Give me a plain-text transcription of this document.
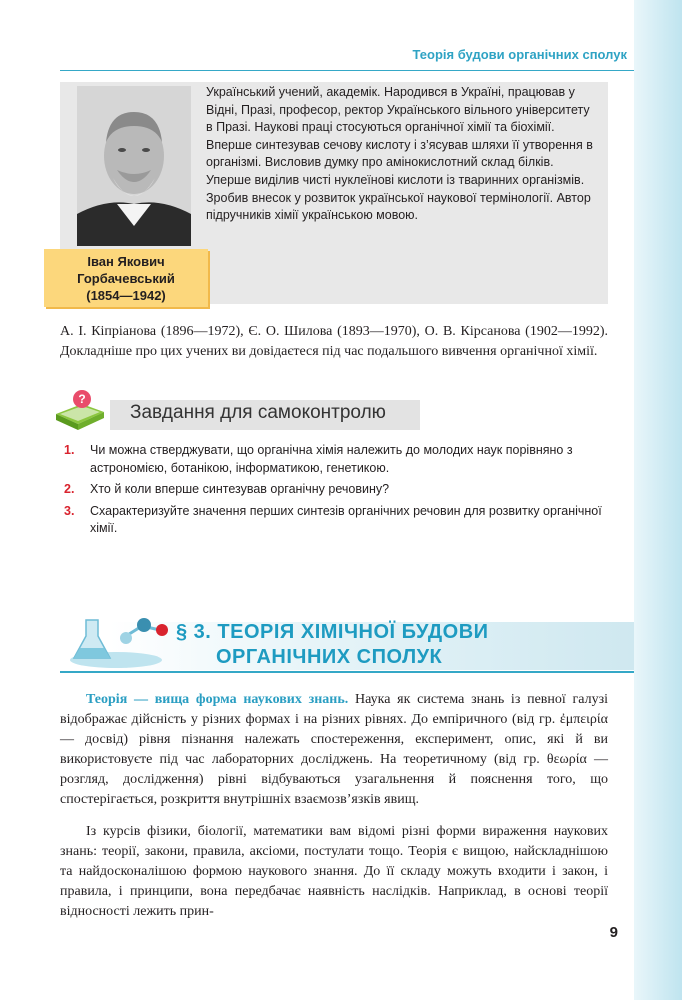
Теорія будови органічних сполук
Український учений, академік. Народився в Україні, працював у Відні, Празі, професор, ректор Українського вільного університету в Празі. Наукові праці стосуються органічної хімії та біохімії. Вперше синтезував сечову кислоту і з’ясував шляхи її утворення в організмі. Висловив думку про амінокислотний склад білків. Уперше виділив чисті нуклеїнові кислоти із тваринних організмів. Зробив внесок у розвиток української наукової термінології. Автор підручників хімії українською мовою.
Іван Якович
Горбачевський
(1854—1942)
А. І. Кіпріанова (1896—1972), Є. О. Шилова (1893—1970), О. В. Кірсанова (1902—1992). Докладніше про цих учених ви довідаєтеся під час подальшого вивчення органічної хімії.
?
Завдання для самоконтролю
1. Чи можна стверджувати, що органічна хімія належить до молодих наук порівняно з астрономією, ботанікою, інформатикою, генетикою.
2. Хто й коли вперше синтезував органічну речовину?
3. Схарактеризуйте значення перших синтезів органічних речовин для розвитку органічної хімії.
§ 3. ТЕОРІЯ ХІМІЧНОЇ БУДОВИ
ОРГАНІЧНИХ СПОЛУК
Теорія — вища форма наукових знань. Наука як система знань із певної галузі відображає дійсність у різних формах і на різних рівнях. До емпіричного (від гр. ἐμπειρία — досвід) рівня пізнання належать спостереження, експеримент, опис, які й ви використовуєте під час лабораторних досліджень. На теоретичному (від гр. θεωρία — розгляд, дослідження) рівні відбуваються узагальнення й пояснення того, що спостерігається, розкриття внутрішніх взаємозв’язків явищ.
Із курсів фізики, біології, математики вам відомі різні форми вираження наукових знань: теорії, закони, правила, аксіоми, постулати тощо. Теорія є вищою, найскладнішою та найдосконалішою формою наукового знання. До її складу можуть входити і закон, і правила, і принципи, вона передбачає наявність наслідків. Наприклад, в основі теорії відносності лежить прин-
9
